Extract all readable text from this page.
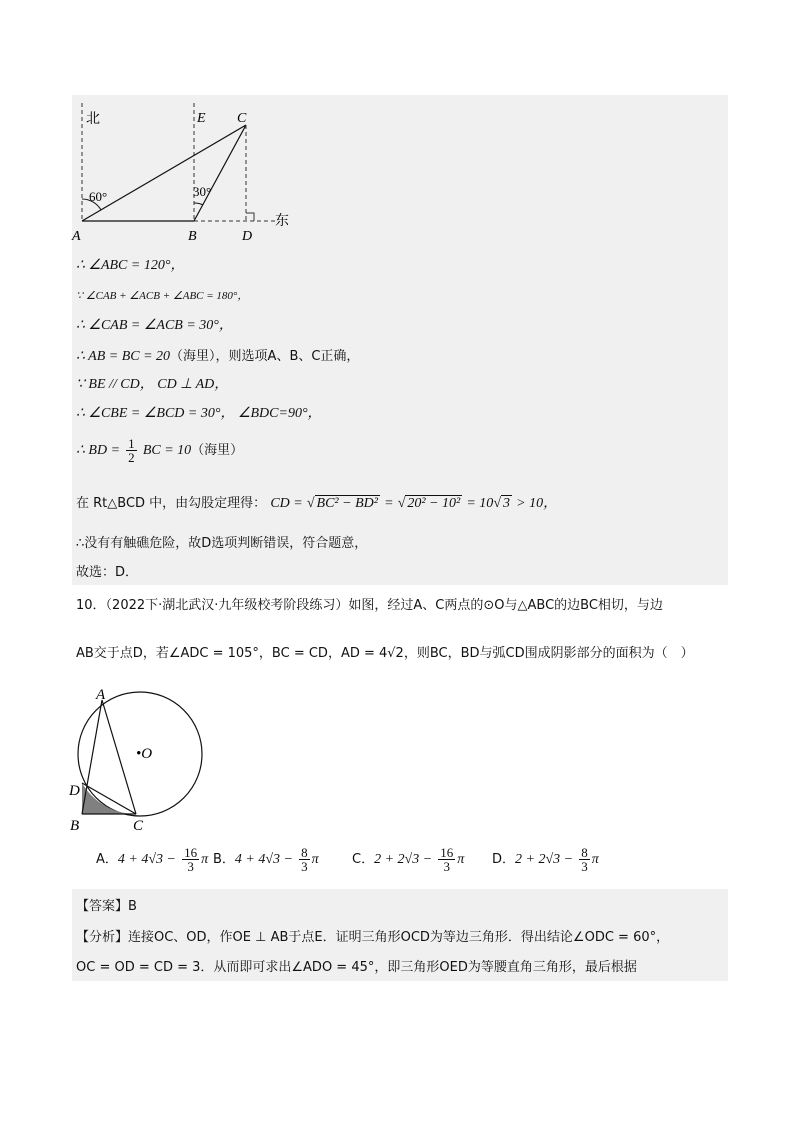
北
60°	30°
A	B
C
D
E
东
∴ ∠ABC = 120°，
∵ ∠CAB + ∠ACB + ∠ABC = 180°，
∴ ∠CAB = ∠ACB = 30°，
∴ AB = BC = 20（海里），则选项A、B、C正确，
∵ BE // CD， CD ⊥ AD，
∴ ∠CBE = ∠BCD = 30°， ∠BDC=90°，
∴ BD = $\frac{1}{2}$ BC = 10（海里）
在 Rt△BCD 中，由勾股定理得： CD = √ BC² − BD² = √ 20² − 10² = 10√ 3 > 10，
∴没有有触礁危险，故D选项判断错误，符合题意，
故选：D．
10．（2022下·湖北武汉·九年级校考阶段练习）如图，经过A、C两点的⊙O与△ABC的边BC相切，与边
AB交于点D，若∠ADC = 105°，BC = CD，AD = 4√2，则BC，BD与弧CD围成阴影部分的面积为（　）
A
•O
D
B	C
A．$4 + 4√3 - \frac{16}{3}$ π B．$4 + 4√3 - \frac{8}{3}$ π	C．$2 + 2√3 - \frac{16}{3}$ π D．$2 + 2√3 - \frac{8}{3}$ π
【答案】B
【分析】连接OC、OD，作OE ⊥ AB于点E．证明三角形OCD为等边三角形．得出结论∠ODC = 60°，
OC = OD = CD = 3．从而即可求出∠ADO = 45°，即三角形OED为等腰直角三角形，最后根据
